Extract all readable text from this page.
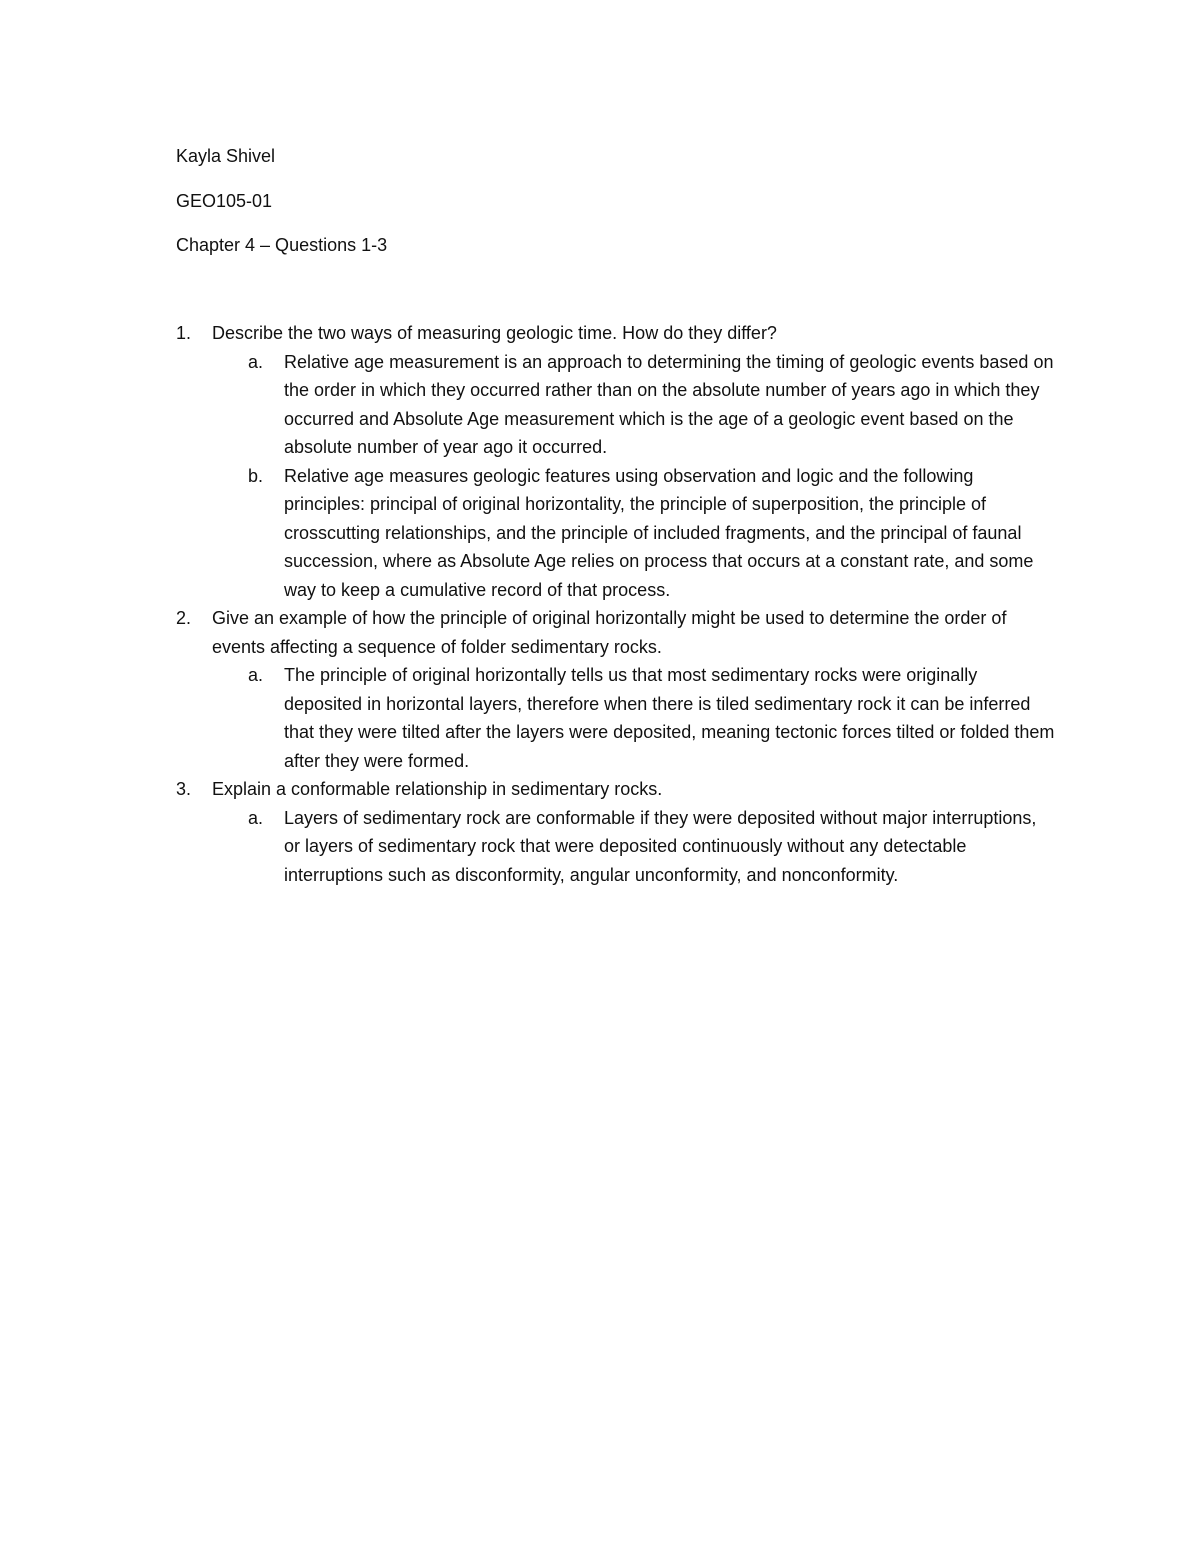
Kayla Shivel
GEO105-01
Chapter 4 – Questions 1-3
1.	Describe the two ways of measuring geologic time. How do they differ?
a.	Relative age measurement is an approach to determining the timing of geologic events based on the order in which they occurred rather than on the absolute number of years ago in which they occurred and Absolute Age measurement which is the age of a geologic event based on the absolute number of year ago it occurred.
b.	Relative age measures geologic features using observation and logic and the following principles: principal of original horizontality, the principle of superposition, the principle of crosscutting relationships, and the principle of included fragments, and the principal of faunal succession, where as Absolute Age relies on process that occurs at a constant rate, and some way to keep a cumulative record of that process.
2.	Give an example of how the principle of original horizontally might be used to determine the order of events affecting a sequence of folder sedimentary rocks.
a.	The principle of original horizontally tells us that most sedimentary rocks were originally deposited in horizontal layers, therefore when there is tiled sedimentary rock it can be inferred that they were tilted after the layers were deposited, meaning tectonic forces tilted or folded them after they were formed.
3.	Explain a conformable relationship in sedimentary rocks.
a.	Layers of sedimentary rock are conformable if they were deposited without major interruptions, or layers of sedimentary rock that were deposited continuously without any detectable interruptions such as disconformity, angular unconformity, and nonconformity.
